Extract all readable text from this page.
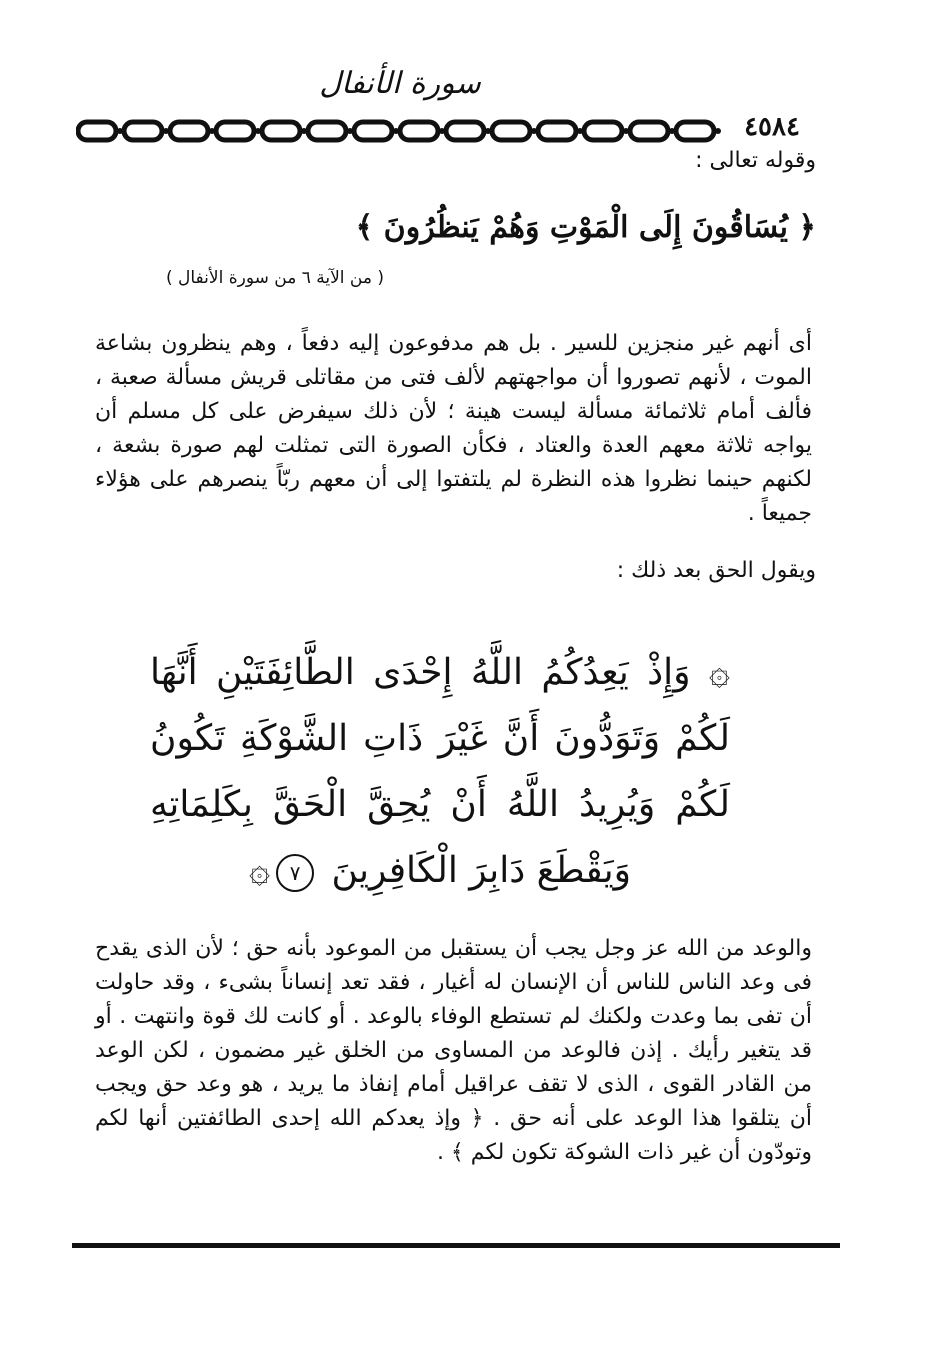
سورة الأنفال
٤٥٨٤
وقوله تعالى :
﴿ يُسَاقُونَ إِلَى الْمَوْتِ وَهُمْ يَنظُرُونَ ﴾
( من الآية ٦ من سورة الأنفال )
أى أنهم غير منجزين للسير . بل هم مدفوعون إليه دفعاً ، وهم ينظرون بشاعة الموت ، لأنهم تصوروا أن مواجهتهم لألف فتى من مقاتلى قريش مسألة صعبة ، فألف أمام ثلاثمائة مسألة ليست هينة ؛ لأن ذلك سيفرض على كل مسلم أن يواجه ثلاثة معهم العدة والعتاد ، فكأن الصورة التى تمثلت لهم صورة بشعة ، لكنهم حينما نظروا هذه النظرة لم يلتفتوا إلى أن معهم ربّاً ينصرهم على هؤلاء جميعاً .
ويقول الحق بعد ذلك :
۞ وَإِذْ يَعِدُكُمُ اللَّهُ إِحْدَى الطَّائِفَتَيْنِ أَنَّهَا لَكُمْ وَتَوَدُّونَ أَنَّ غَيْرَ ذَاتِ الشَّوْكَةِ تَكُونُ لَكُمْ وَيُرِيدُ اللَّهُ أَنْ يُحِقَّ الْحَقَّ بِكَلِمَاتِهِ وَيَقْطَعَ دَابِرَ الْكَافِرِينَ ٧۞
والوعد من الله عز وجل يجب أن يستقبل من الموعود بأنه حق ؛ لأن الذى يقدح فى وعد الناس للناس أن الإنسان له أغيار ، فقد تعد إنساناً بشىء ، وقد حاولت أن تفى بما وعدت ولكنك لم تستطع الوفاء بالوعد . أو كانت لك قوة وانتهت . أو قد يتغير رأيك . إذن فالوعد من المساوى من الخلق غير مضمون ، لكن الوعد من القادر القوى ، الذى لا تقف عراقيل أمام إنفاذ ما يريد ، هو وعد حق ويجب أن يتلقوا هذا الوعد على أنه حق . ﴿ وإذ يعدكم الله إحدى الطائفتين أنها لكم وتودّون أن غير ذات الشوكة تكون لكم ﴾ .
